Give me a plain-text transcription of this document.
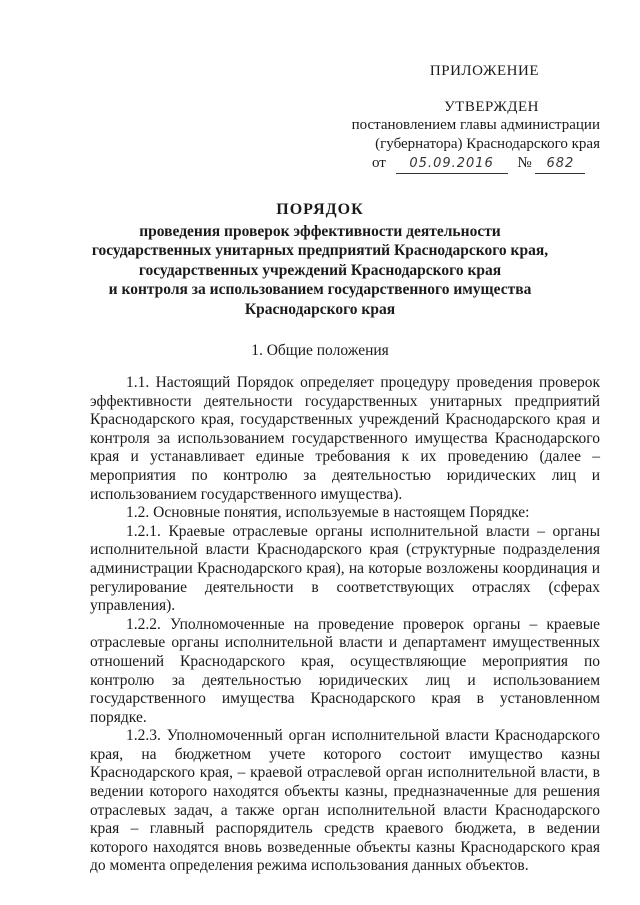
ПРИЛОЖЕНИЕ
УТВЕРЖДЕН
постановлением главы администрации
(губернатора) Краснодарского края
от 05.09.2016 № 682
ПОРЯДОК
проведения проверок эффективности деятельности
государственных унитарных предприятий Краснодарского края,
государственных учреждений Краснодарского края
и контроля за использованием государственного имущества
Краснодарского края
1. Общие положения

1.1. Настоящий Порядок определяет процедуру проведения проверок эффективности деятельности государственных унитарных предприятий Краснодарского края, государственных учреждений Краснодарского края и контроля за использованием государственного имущества Краснодарского края и устанавливает единые требования к их проведению (далее – мероприятия по контролю за деятельностью юридических лиц и использованием государственного имущества).

1.2. Основные понятия, используемые в настоящем Порядке:

1.2.1. Краевые отраслевые органы исполнительной власти – органы исполнительной власти Краснодарского края (структурные подразделения администрации Краснодарского края), на которые возложены координация и регулирование деятельности в соответствующих отраслях (сферах управления).

1.2.2. Уполномоченные на проведение проверок органы – краевые отраслевые органы исполнительной власти и департамент имущественных отношений Краснодарского края, осуществляющие мероприятия по контролю за деятельностью юридических лиц и использованием государственного имущества Краснодарского края в установленном порядке.

1.2.3. Уполномоченный орган исполнительной власти Краснодарского края, на бюджетном учете которого состоит имущество казны Краснодарского края, – краевой отраслевой орган исполнительной власти, в ведении которого находятся объекты казны, предназначенные для решения отраслевых задач, а также орган исполнительной власти Краснодарского края – главный распорядитель средств краевого бюджета, в ведении которого находятся вновь возведенные объекты казны Краснодарского края до момента определения режима использования данных объектов.
